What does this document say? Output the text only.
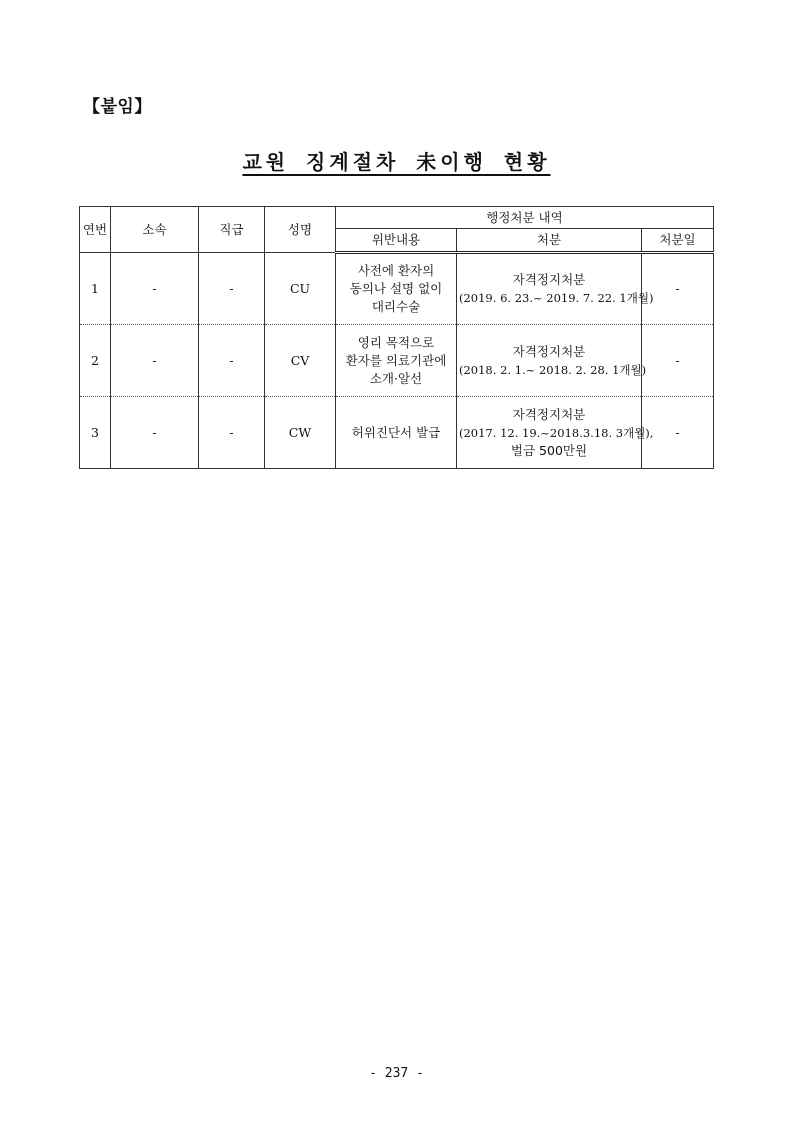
【붙임】
교원 징계절차 未이행 현황
연번	소속	직급	성명	행정처분 내역		
				위반내용	처분	처분일
1	-	-	CU	사전에 환자의
동의나 설명 없이
대리수술	자격정지처분
(2019. 6. 23.~ 2019. 7. 22. 1개월)	-
2	-	-	CV	영리 목적으로
환자를 의료기관에
소개·알선	자격정지처분
(2018. 2. 1.~ 2018. 2. 28. 1개월)	-
3	-	-	CW	허위진단서 발급	자격정지처분
(2017. 12. 19.~2018.3.18. 3개월),
벌금 500만원	-
- 237 -
